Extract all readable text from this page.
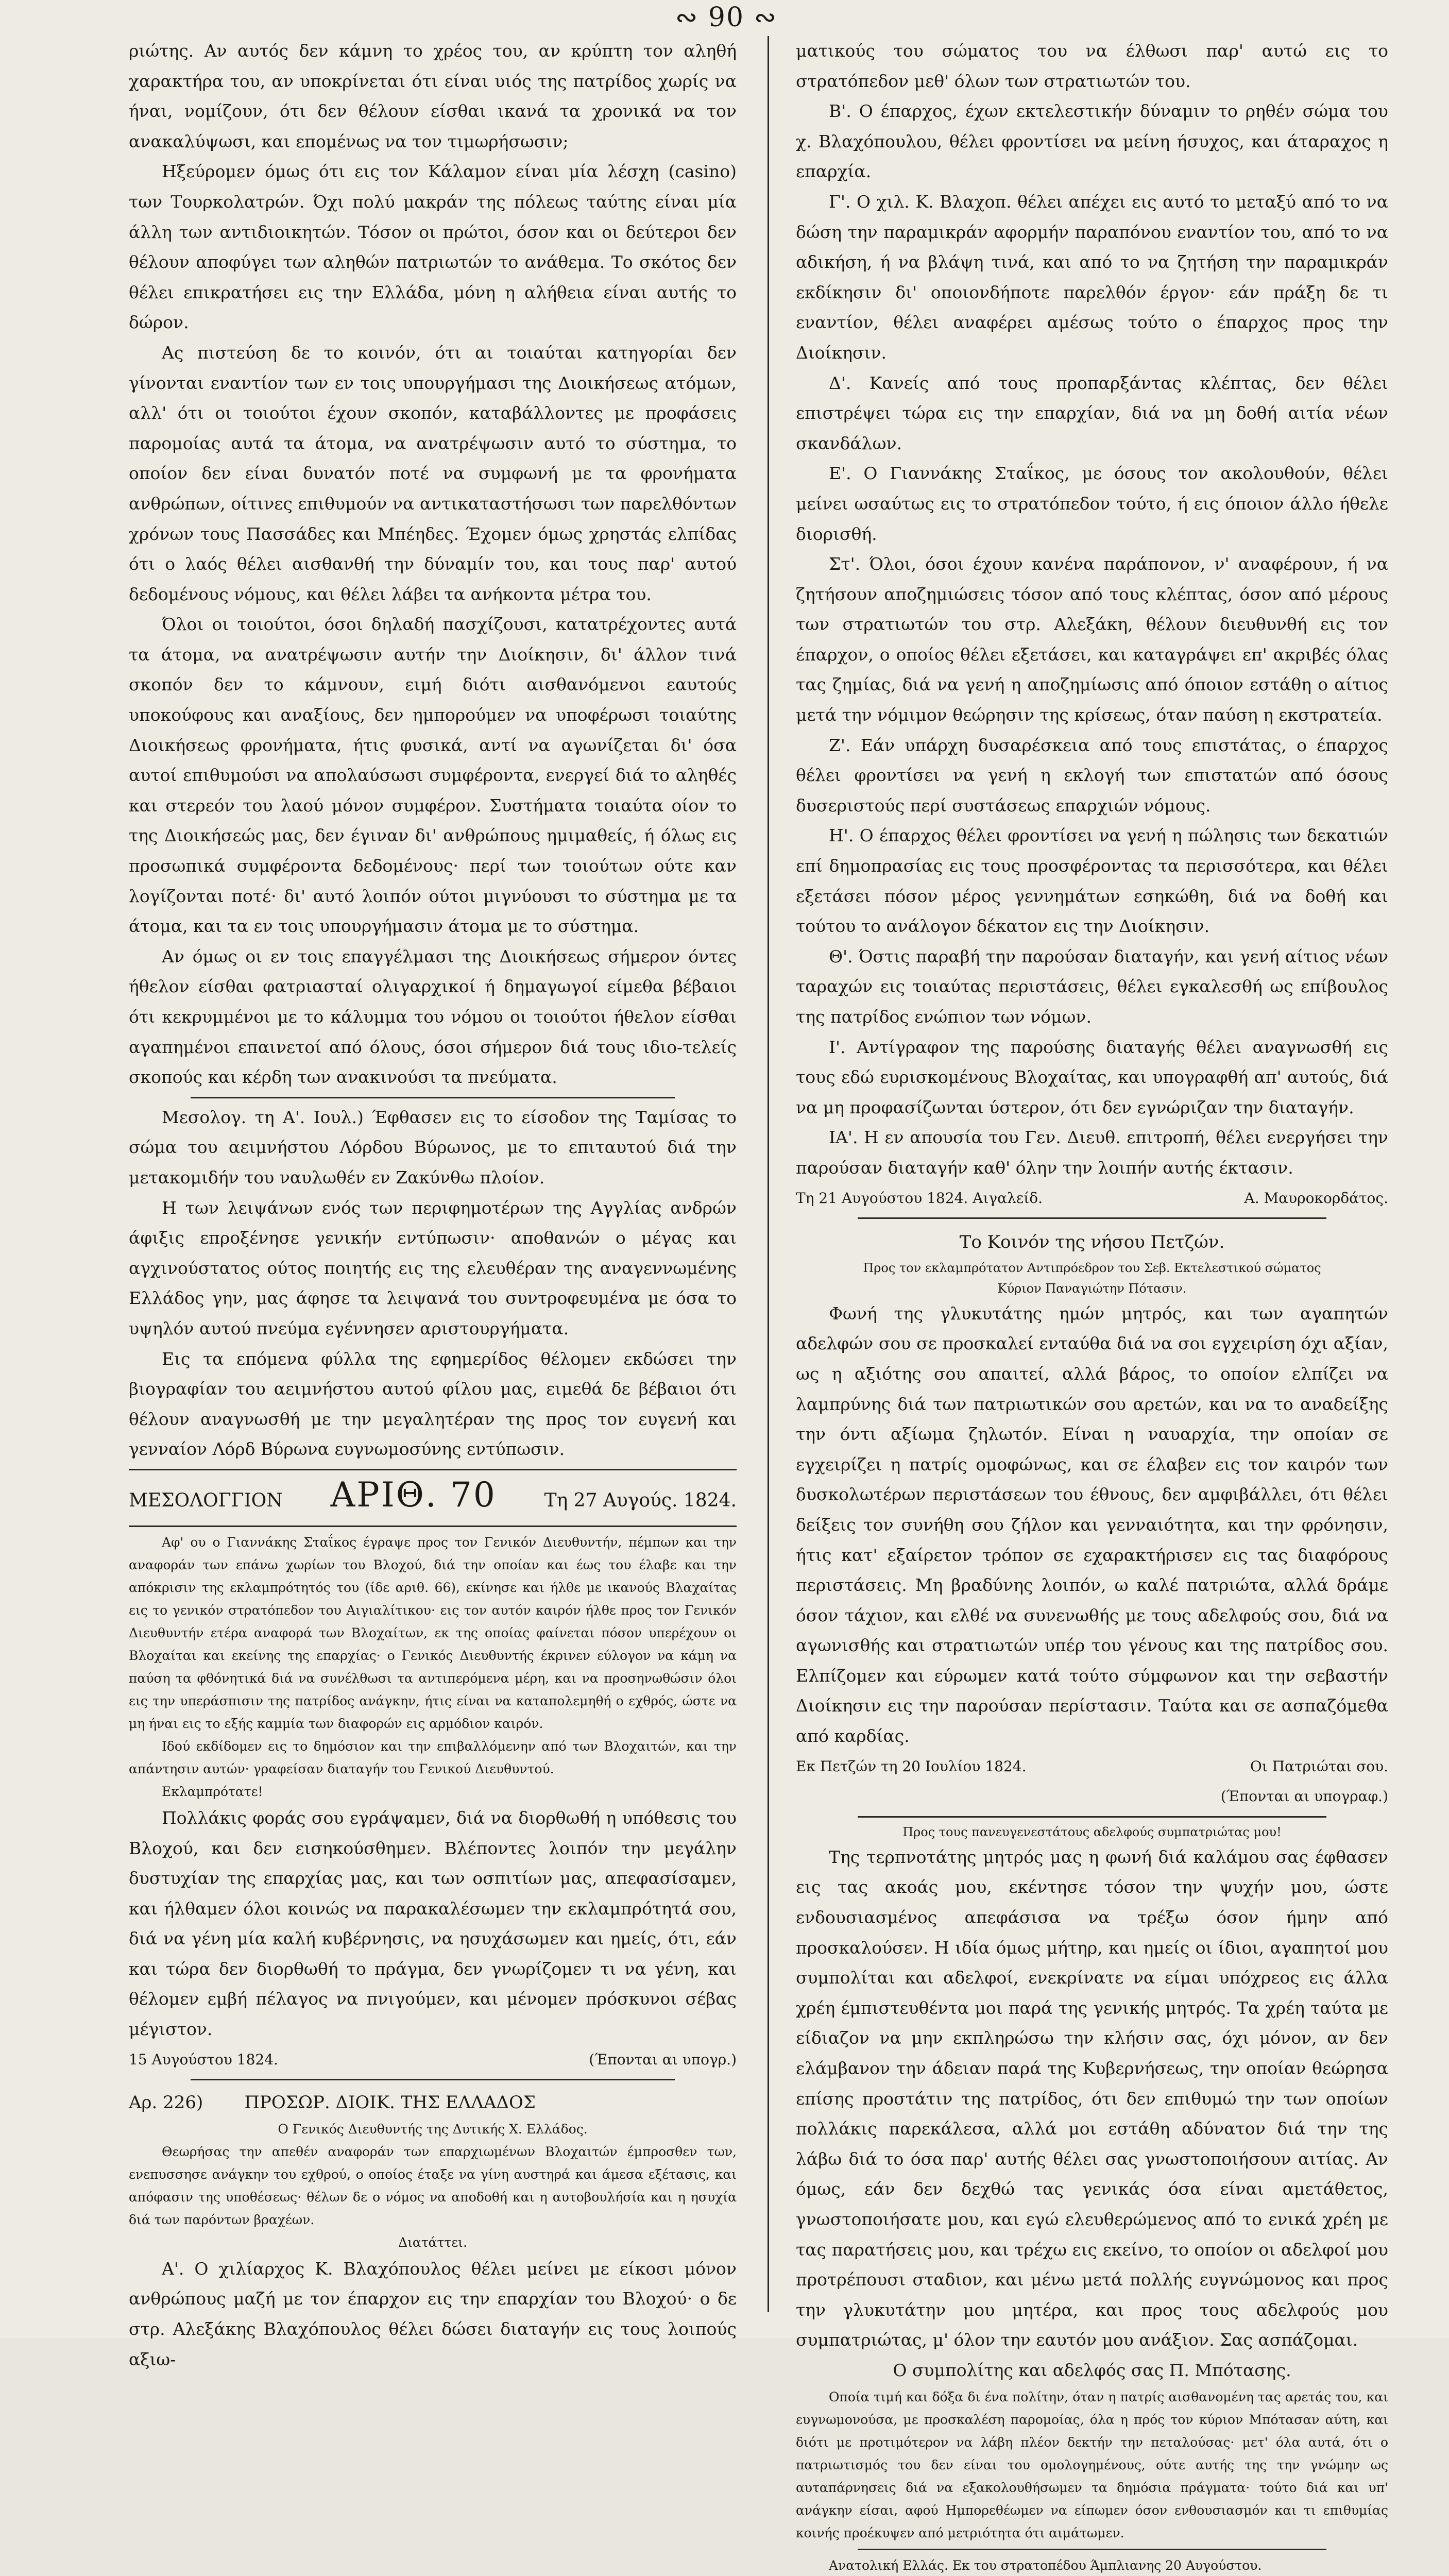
∾ 90 ∾

ριώτης. Αν αυτός δεν κάμνη το χρέος του, αν κρύπτη τον αληθή χαρακτήρα του, αν υποκρίνεται ότι είναι υιός της πατρίδος χωρίς να ήναι, νομίζουν, ότι δεν θέλουν είσθαι ικανά τα χρονικά να τον ανακαλύψωσι, και επομένως να τον τιμωρήσωσιν;

Ηξεύρομεν όμως ότι εις τον Κάλαμον είναι μία λέσχη (casino) των Τουρκολατρών. Όχι πολύ μακράν της πόλεως ταύτης είναι μία άλλη των αντιδιοικητών. Τόσον οι πρώτοι, όσον και οι δεύτεροι δεν θέλουν αποφύγει των αληθών πατριωτών το ανάθεμα. Το σκότος δεν θέλει επικρατήσει εις την Ελλάδα, μόνη η αλήθεια είναι αυτής το δώρον.

Ας πιστεύση δε το κοινόν, ότι αι τοιαύται κατηγορίαι δεν γίνονται εναντίον των εν τοις υπουργήμασι της Διοικήσεως ατόμων, αλλ' ότι οι τοιούτοι έχουν σκοπόν, καταβάλλοντες με προφάσεις παρομοίας αυτά τα άτομα, να ανατρέψωσιν αυτό το σύστημα, το οποίον δεν είναι δυνατόν ποτέ να συμφωνή με τα φρονήματα ανθρώπων, οίτινες επιθυμούν να αντικαταστήσωσι των παρελθόντων χρόνων τους Πασσάδες και Μπέηδες. Έχομεν όμως χρηστάς ελπίδας ότι ο λαός θέλει αισθανθή την δύναμίν του, και τους παρ' αυτού δεδομένους νόμους, και θέλει λάβει τα ανήκοντα μέτρα του.

Όλοι οι τοιούτοι, όσοι δηλαδή πασχίζουσι, κατατρέχοντες αυτά τα άτομα, να ανατρέψωσιν αυτήν την Διοίκησιν, δι' άλλον τινά σκοπόν δεν το κάμνουν, ειμή διότι αισθανόμενοι εαυτούς υποκούφους και αναξίους, δεν ημπορούμεν να υποφέρωσι τοιαύτης Διοικήσεως φρονήματα, ήτις φυσικά, αντί να αγωνίζεται δι' όσα αυτοί επιθυμούσι να απολαύσωσι συμφέροντα, ενεργεί διά το αληθές και στερεόν του λαού μόνον συμφέρον. Συστήματα τοιαύτα οίον το της Διοικήσεώς μας, δεν έγιναν δι' ανθρώπους ημιμαθείς, ή όλως εις προσωπικά συμφέροντα δεδομένους· περί των τοιούτων ούτε καν λογίζονται ποτέ· δι' αυτό λοιπόν ούτοι μιγνύουσι το σύστημα με τα άτομα, και τα εν τοις υπουργήμασιν άτομα με το σύστημα.

Αν όμως οι εν τοις επαγγέλμασι της Διοικήσεως σήμερον όντες ήθελον είσθαι φατριασταί ολιγαρχικοί ή δημαγωγοί είμεθα βέβαιοι ότι κεκρυμμένοι με το κάλυμμα του νόμου οι τοιούτοι ήθελον είσθαι αγαπημένοι επαινετοί από όλους, όσοι σήμερον διά τους ιδιο-τελείς σκοπούς και κέρδη των ανακινούσι τα πνεύματα.

Μεσολογ. τη Α'. Ιουλ.) Έφθασεν εις το είσοδον της Ταμίσας το σώμα του αειμνήστου Λόρδου Βύρωνος, με το επιταυτού διά την μετακομιδήν του ναυλωθέν εν Ζακύνθω πλοίον.

Η των λειψάνων ενός των περιφημοτέρων της Αγγλίας ανδρών άφιξις επροξένησε γενικήν εντύπωσιν· αποθανών ο μέγας και αγχινούστατος ούτος ποιητής εις της ελευθέραν της αναγεννωμένης Ελλάδος γην, μας άφησε τα λειψανά του συντροφευμένα με όσα το υψηλόν αυτού πνεύμα εγέννησεν αριστουργήματα.

Εις τα επόμενα φύλλα της εφημερίδος θέλομεν εκδώσει την βιογραφίαν του αειμνήστου αυτού φίλου μας, ειμεθά δε βέβαιοι ότι θέλουν αναγνωσθή με την μεγαλητέραν της προς τον ευγενή και γενναίον Λόρδ Βύρωνα ευγνωμοσύνης εντύπωσιν.

ΜΕΣΟΛΟΓΓΙΟΝ ΑΡΙΘ. 70	Τη 27 Αυγούς. 1824.

Αφ' ου ο Γιαννάκης Σταΐκος έγραψε προς τον Γενικόν Διευθυντήν, πέμπων και την αναφοράν των επάνω χωρίων του Βλοχού, διά την οποίαν και έως του έλαβε και την απόκρισιν της εκλαμπρότητός του (ίδε αριθ. 66), εκίνησε και ήλθε με ικανούς Βλαχαίτας εις το γενικόν στρατόπεδον του Αιγιαλίτικου· εις τον αυτόν καιρόν ήλθε προς τον Γενικόν Διευθυντήν ετέρα αναφορά των Βλοχαίτων, εκ της οποίας φαίνεται πόσον υπερέχουν οι Βλοχαίται και εκείνης της επαρχίας· ο Γενικός Διευθυντής έκρινεν εύλογον να κάμη να παύση τα φθόνητικά διά να συνέλθωσι τα αντιπερόμενα μέρη, και να προσηνωθώσιν όλοι εις την υπεράσπισιν της πατρίδος ανάγκην, ήτις είναι να καταπολεμηθή ο εχθρός, ώστε να μη ήναι εις το εξής καμμία των διαφορών εις αρμόδιον καιρόν.

Ιδού εκδίδομεν εις το δημόσιον και την επιβαλλόμενην από των Βλοχαιτών, και την απάντησιν αυτών· γραφείσαν διαταγήν του Γενικού Διευθυντού.

Εκλαμπρότατε!

Πολλάκις φοράς σου εγράψαμεν, διά να διορθωθή η υπόθεσις του Βλοχού, και δεν εισηκούσθημεν. Βλέποντες λοιπόν την μεγάλην δυστυχίαν της επαρχίας μας, και των οσπιτίων μας, απεφασίσαμεν, και ήλθαμεν όλοι κοινώς να παρακαλέσωμεν την εκλαμπρότητά σου, διά να γένη μία καλή κυβέρνησις, να ησυχάσωμεν και ημείς, ότι, εάν και τώρα δεν διορθωθή το πράγμα, δεν γνωρίζομεν τι να γένη, και θέλομεν εμβή πέλαγος να πνιγούμεν, και μένομεν πρόσκυνοι σέβας μέγιστον.

15 Αυγούστου 1824.	(Έπονται αι υπογρ.)
Αρ. 226) ΠΡΟΣΩΡ. ΔΙΟΙΚ. ΤΗΣ ΕΛΛΑΔΟΣ

Ο Γενικός Διευθυντής της Δυτικής Χ. Ελλάδος.

Θεωρήσας την απεθέν αναφοράν των επαρχιωμένων Βλοχαιτών έμπροσθεν των, ενεπυσσησε ανάγκην του εχθρού, ο οποίος έταξε να γίνη αυστηρά και άμεσα εξέτασις, και απόφασιν της υποθέσεως· θέλων δε ο νόμος να αποδοθή και η αυτοβουλήσία και η ησυχία διά των παρόντων βραχέων.

Διατάττει.

Α'. Ο χιλίαρχος Κ. Βλαχόπουλος θέλει μείνει με είκοσι μόνον ανθρώπους μαζή με τον έπαρχον εις την επαρχίαν του Βλοχού· ο δε στρ. Αλεξάκης Βλαχόπουλος θέλει δώσει διαταγήν εις τους λοιπούς αξιω-

ματικούς του σώματος του να έλθωσι παρ' αυτώ εις το στρατόπεδον μεθ' όλων των στρατιωτών του.

Β'. Ο έπαρχος, έχων εκτελεστικήν δύναμιν το ρηθέν σώμα του χ. Βλαχόπουλου, θέλει φροντίσει να μείνη ήσυχος, και άταραχος η επαρχία.

Γ'. Ο χιλ. Κ. Βλαχοπ. θέλει απέχει εις αυτό το μεταξύ από το να δώση την παραμικράν αφορμήν παραπόνου εναντίον του, από το να αδικήση, ή να βλάψη τινά, και από το να ζητήση την παραμικράν εκδίκησιν δι' οποιονδήποτε παρελθόν έργον· εάν πράξη δε τι εναντίον, θέλει αναφέρει αμέσως τούτο ο έπαρχος προς την Διοίκησιν.

Δ'. Κανείς από τους προπαρξάντας κλέπτας, δεν θέλει επιστρέψει τώρα εις την επαρχίαν, διά να μη δοθή αιτία νέων σκανδάλων.

Ε'. Ο Γιαννάκης Σταΐκος, με όσους τον ακολουθούν, θέλει μείνει ωσαύτως εις το στρατόπεδον τούτο, ή εις όποιον άλλο ήθελε διορισθή.

Στ'. Όλοι, όσοι έχουν κανένα παράπονον, ν' αναφέρουν, ή να ζητήσουν αποζημιώσεις τόσον από τους κλέπτας, όσον από μέρους των στρατιωτών του στρ. Αλεξάκη, θέλουν διευθυνθή εις τον έπαρχον, ο οποίος θέλει εξετάσει, και καταγράψει επ' ακριβές όλας τας ζημίας, διά να γενή η αποζημίωσις από όποιον εστάθη ο αίτιος μετά την νόμιμον θεώρησιν της κρίσεως, όταν παύση η εκστρατεία.

Ζ'. Εάν υπάρχη δυσαρέσκεια από τους επιστάτας, ο έπαρχος θέλει φροντίσει να γενή η εκλογή των επιστατών από όσους δυσεριστούς περί συστάσεως επαρχιών νόμους.

Η'. Ο έπαρχος θέλει φροντίσει να γενή η πώλησις των δεκατιών επί δημοπρασίας εις τους προσφέροντας τα περισσότερα, και θέλει εξετάσει πόσον μέρος γεννημάτων εσηκώθη, διά να δοθή και τούτου το ανάλογον δέκατον εις την Διοίκησιν.

Θ'. Όστις παραβή την παρούσαν διαταγήν, και γενή αίτιος νέων ταραχών εις τοιαύτας περιστάσεις, θέλει εγκαλεσθή ως επίβουλος της πατρίδος ενώπιον των νόμων.

Ι'. Αντίγραφον της παρούσης διαταγής θέλει αναγνωσθή εις τους εδώ ευρισκομένους Βλοχαίτας, και υπογραφθή απ' αυτούς, διά να μη προφασίζωνται ύστερον, ότι δεν εγνώριζαν την διαταγήν.

ΙΑ'. Η εν απουσία του Γεν. Διευθ. επιτροπή, θέλει ενεργήσει την παρούσαν διαταγήν καθ' όλην την λοιπήν αυτής έκτασιν.

Τη 21 Αυγούστου 1824. Αιγαλείδ.	Α. Μαυροκορδάτος.
Το Κοινόν της νήσου Πετζών.
Προς τον εκλαμπρότατον Αντιπρόεδρον του Σεβ. Εκτελεστικού σώματος
Κύριον Παναγιώτην Πότασιν.

Φωνή της γλυκυτάτης ημών μητρός, και των αγαπητών αδελφών σου σε προσκαλεί ενταύθα διά να σοι εγχειρίση όχι αξίαν, ως η αξιότης σου απαιτεί, αλλά βάρος, το οποίον ελπίζει να λαμπρύνης διά των πατριωτικών σου αρετών, και να το αναδείξης την όντι αξίωμα ζηλωτόν. Είναι η ναυαρχία, την οποίαν σε εγχειρίζει η πατρίς ομοφώνως, και σε έλαβεν εις τον καιρόν των δυσκολωτέρων περιστάσεων του έθνους, δεν αμφιβάλλει, ότι θέλει δείξεις τον συνήθη σου ζήλον και γενναιότητα, και την φρόνησιν, ήτις κατ' εξαίρετον τρόπον σε εχαρακτήρισεν εις τας διαφόρους περιστάσεις. Μη βραδύνης λοιπόν, ω καλέ πατριώτα, αλλά δράμε όσον τάχιον, και ελθέ να συνενωθής με τους αδελφούς σου, διά να αγωνισθής και στρατιωτών υπέρ του γένους και της πατρίδος σου. Ελπίζομεν και εύρωμεν κατά τούτο σύμφωνον και την σεβαστήν Διοίκησιν εις την παρούσαν περίστασιν. Ταύτα και σε ασπαζόμεθα από καρδίας.

Εκ Πετζών τη 20 Ιουλίου 1824.	Οι Πατριώται σου.
(Έπονται αι υπογραφ.)
Προς τους πανευγενεστάτους αδελφούς συμπατριώτας μου!

Της τερπνοτάτης μητρός μας η φωνή διά καλάμου σας έφθασεν εις τας ακοάς μου, εκέντησε τόσον την ψυχήν μου, ώστε ενδουσιασμένος απεφάσισα να τρέξω όσον ήμην από προσκαλούσεν. Η ιδία όμως μήτηρ, και ημείς οι ίδιοι, αγαπητοί μου συμπολίται και αδελφοί, ενεκρίνατε να είμαι υπόχρεος εις άλλα χρέη έμπιστευθέντα μοι παρά της γενικής μητρός. Τα χρέη ταύτα με είδιαζον να μην εκπληρώσω την κλήσιν σας, όχι μόνον, αν δεν ελάμβανον την άδειαν παρά της Κυβερνήσεως, την οποίαν θεώρησα επίσης προστάτιν της πατρίδος, ότι δεν επιθυμώ την των οποίων πολλάκις παρεκάλεσα, αλλά μοι εστάθη αδύνατον διά την της λάβω διά το όσα παρ' αυτής θέλει σας γνωστοποιήσουν αιτίας. Αν όμως, εάν δεν δεχθώ τας γενικάς όσα είναι αμετάθετος, γνωστοποιήσατε μου, και εγώ ελευθερώμενος από το ενικά χρέη με τας παρατήσεις μου, και τρέχω εις εκείνο, το οποίον οι αδελφοί μου προτρέπουσι σταδιον, και μένω μετά πολλής ευγνώμονος και προς την γλυκυτάτην μου μητέρα, και προς τους αδελφούς μου συμπατριώτας, μ' όλον την εαυτόν μου ανάξιον. Σας ασπάζομαι.

Ο συμπολίτης και αδελφός σας Π. Μπότασης.

Οποία τιμή και δόξα δι ένα πολίτην, όταν η πατρίς αισθανομένη τας αρετάς του, και ευγνωμονούσα, με προσκαλέση παρομοίας, όλα η πρός τον κύριον Μπότασαν αύτη, και διότι με προτιμότερον να λάβη πλέον δεκτήν την πεταλούσας· μετ' όλα αυτά, ότι ο πατριωτισμός του δεν είναι του ομολογημένους, ούτε αυτής της την γνώμην ως αυταπάρνησεις διά να εξακολουθήσωμεν τα δημόσια πράγματα· τούτο διά και υπ' ανάγκην είσαι, αφού Ημπορεθέωμεν να είπωμεν όσον ενθουσιασμόν και τι επιθυμίας κοινής προέκυψεν από μετριότητα ότι αιμάτωμεν.

Ανατολική Ελλάς. Εκ του στρατοπέδου Άμπλιανης 20 Αυγούστου.
